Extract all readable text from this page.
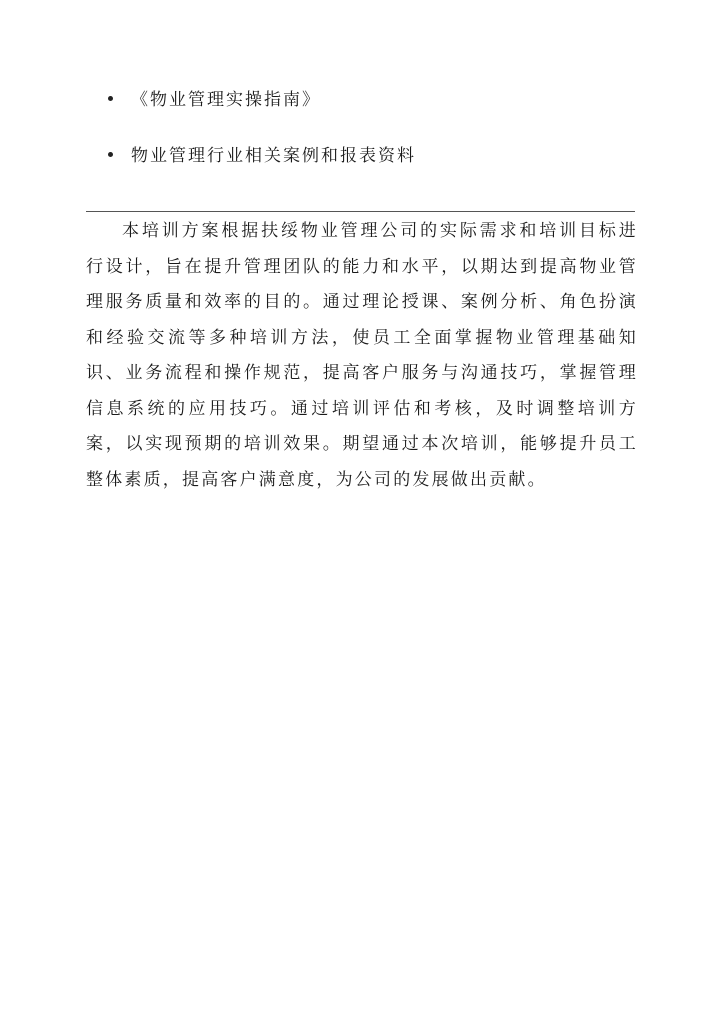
《物业管理实操指南》
物业管理行业相关案例和报表资料

本培训方案根据扶绥物业管理公司的实际需求和培训目标进行设计，旨在提升管理团队的能力和水平，以期达到提高物业管理服务质量和效率的目的。通过理论授课、案例分析、角色扮演和经验交流等多种培训方法，使员工全面掌握物业管理基础知识、业务流程和操作规范，提高客户服务与沟通技巧，掌握管理信息系统的应用技巧。通过培训评估和考核，及时调整培训方案，以实现预期的培训效果。期望通过本次培训，能够提升员工整体素质，提高客户满意度，为公司的发展做出贡献。
